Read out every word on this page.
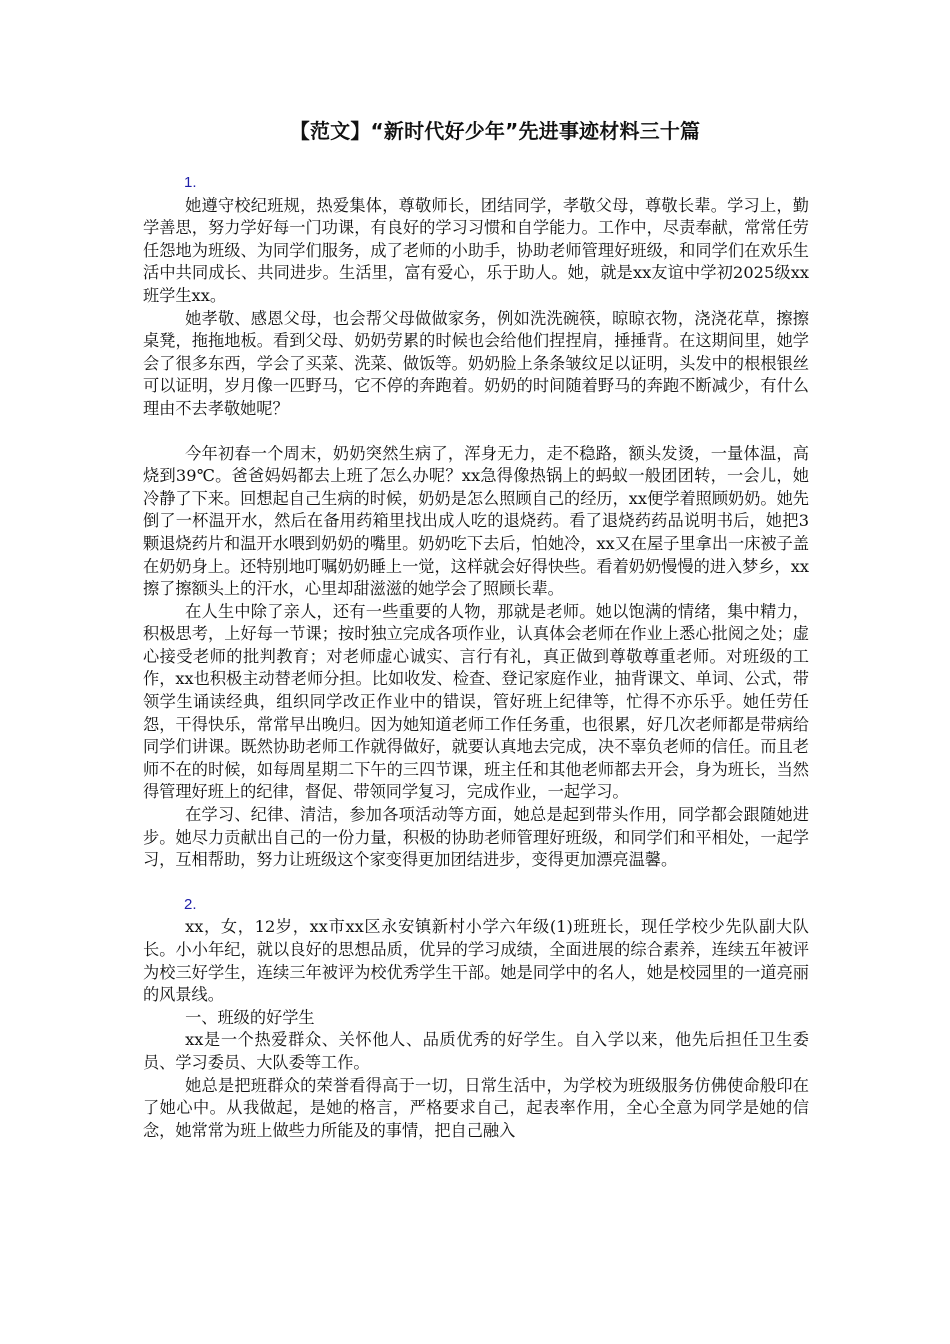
【范文】“新时代好少年”先进事迹材料三十篇

1.

她遵守校纪班规，热爱集体，尊敬师长，团结同学，孝敬父母，尊敬长辈。学习上，勤学善思，努力学好每一门功课，有良好的学习习惯和自学能力。工作中，尽责奉献，常常任劳任怨地为班级、为同学们服务，成了老师的小助手，协助老师管理好班级，和同学们在欢乐生活中共同成长、共同进步。生活里，富有爱心，乐于助人。她，就是xx友谊中学初2025级xx班学生xx。

她孝敬、感恩父母，也会帮父母做做家务，例如洗洗碗筷，晾晾衣物，浇浇花草，擦擦桌凳，拖拖地板。看到父母、奶奶劳累的时候也会给他们捏捏肩，捶捶背。在这期间里，她学会了很多东西，学会了买菜、洗菜、做饭等。奶奶脸上条条皱纹足以证明，头发中的根根银丝可以证明，岁月像一匹野马，它不停的奔跑着。奶奶的时间随着野马的奔跑不断减少，有什么理由不去孝敬她呢？

今年初春一个周末，奶奶突然生病了，浑身无力，走不稳路，额头发烫，一量体温，高烧到39℃。爸爸妈妈都去上班了怎么办呢？xx急得像热锅上的蚂蚁一般团团转，一会儿，她冷静了下来。回想起自己生病的时候，奶奶是怎么照顾自己的经历，xx便学着照顾奶奶。她先倒了一杯温开水，然后在备用药箱里找出成人吃的退烧药。看了退烧药药品说明书后，她把3颗退烧药片和温开水喂到奶奶的嘴里。奶奶吃下去后，怕她冷，xx又在屋子里拿出一床被子盖在奶奶身上。还特别地叮嘱奶奶睡上一觉，这样就会好得快些。看着奶奶慢慢的进入梦乡，xx擦了擦额头上的汗水，心里却甜滋滋的她学会了照顾长辈。

在人生中除了亲人，还有一些重要的人物，那就是老师。她以饱满的情绪，集中精力，积极思考，上好每一节课；按时独立完成各项作业，认真体会老师在作业上悉心批阅之处；虚心接受老师的批判教育；对老师虚心诚实、言行有礼，真正做到尊敬尊重老师。对班级的工作，xx也积极主动替老师分担。比如收发、检查、登记家庭作业，抽背课文、单词、公式，带领学生诵读经典，组织同学改正作业中的错误，管好班上纪律等，忙得不亦乐乎。她任劳任怨，干得快乐，常常早出晚归。因为她知道老师工作任务重，也很累，好几次老师都是带病给同学们讲课。既然协助老师工作就得做好，就要认真地去完成，决不辜负老师的信任。而且老师不在的时候，如每周星期二下午的三四节课，班主任和其他老师都去开会，身为班长，当然得管理好班上的纪律，督促、带领同学复习，完成作业，一起学习。

在学习、纪律、清洁，参加各项活动等方面，她总是起到带头作用，同学都会跟随她进步。她尽力贡献出自己的一份力量，积极的协助老师管理好班级，和同学们和平相处，一起学习，互相帮助，努力让班级这个家变得更加团结进步，变得更加漂亮温馨。

2.

xx，女，12岁，xx市xx区永安镇新村小学六年级(1)班班长，现任学校少先队副大队长。小小年纪，就以良好的思想品质，优异的学习成绩，全面进展的综合素养，连续五年被评为校三好学生，连续三年被评为校优秀学生干部。她是同学中的名人，她是校园里的一道亮丽的风景线。

一、班级的好学生

xx是一个热爱群众、关怀他人、品质优秀的好学生。自入学以来，他先后担任卫生委员、学习委员、大队委等工作。

她总是把班群众的荣誉看得高于一切，日常生活中，为学校为班级服务仿佛使命般印在了她心中。从我做起，是她的格言，严格要求自己，起表率作用，全心全意为同学是她的信念，她常常为班上做些力所能及的事情，把自己融入
